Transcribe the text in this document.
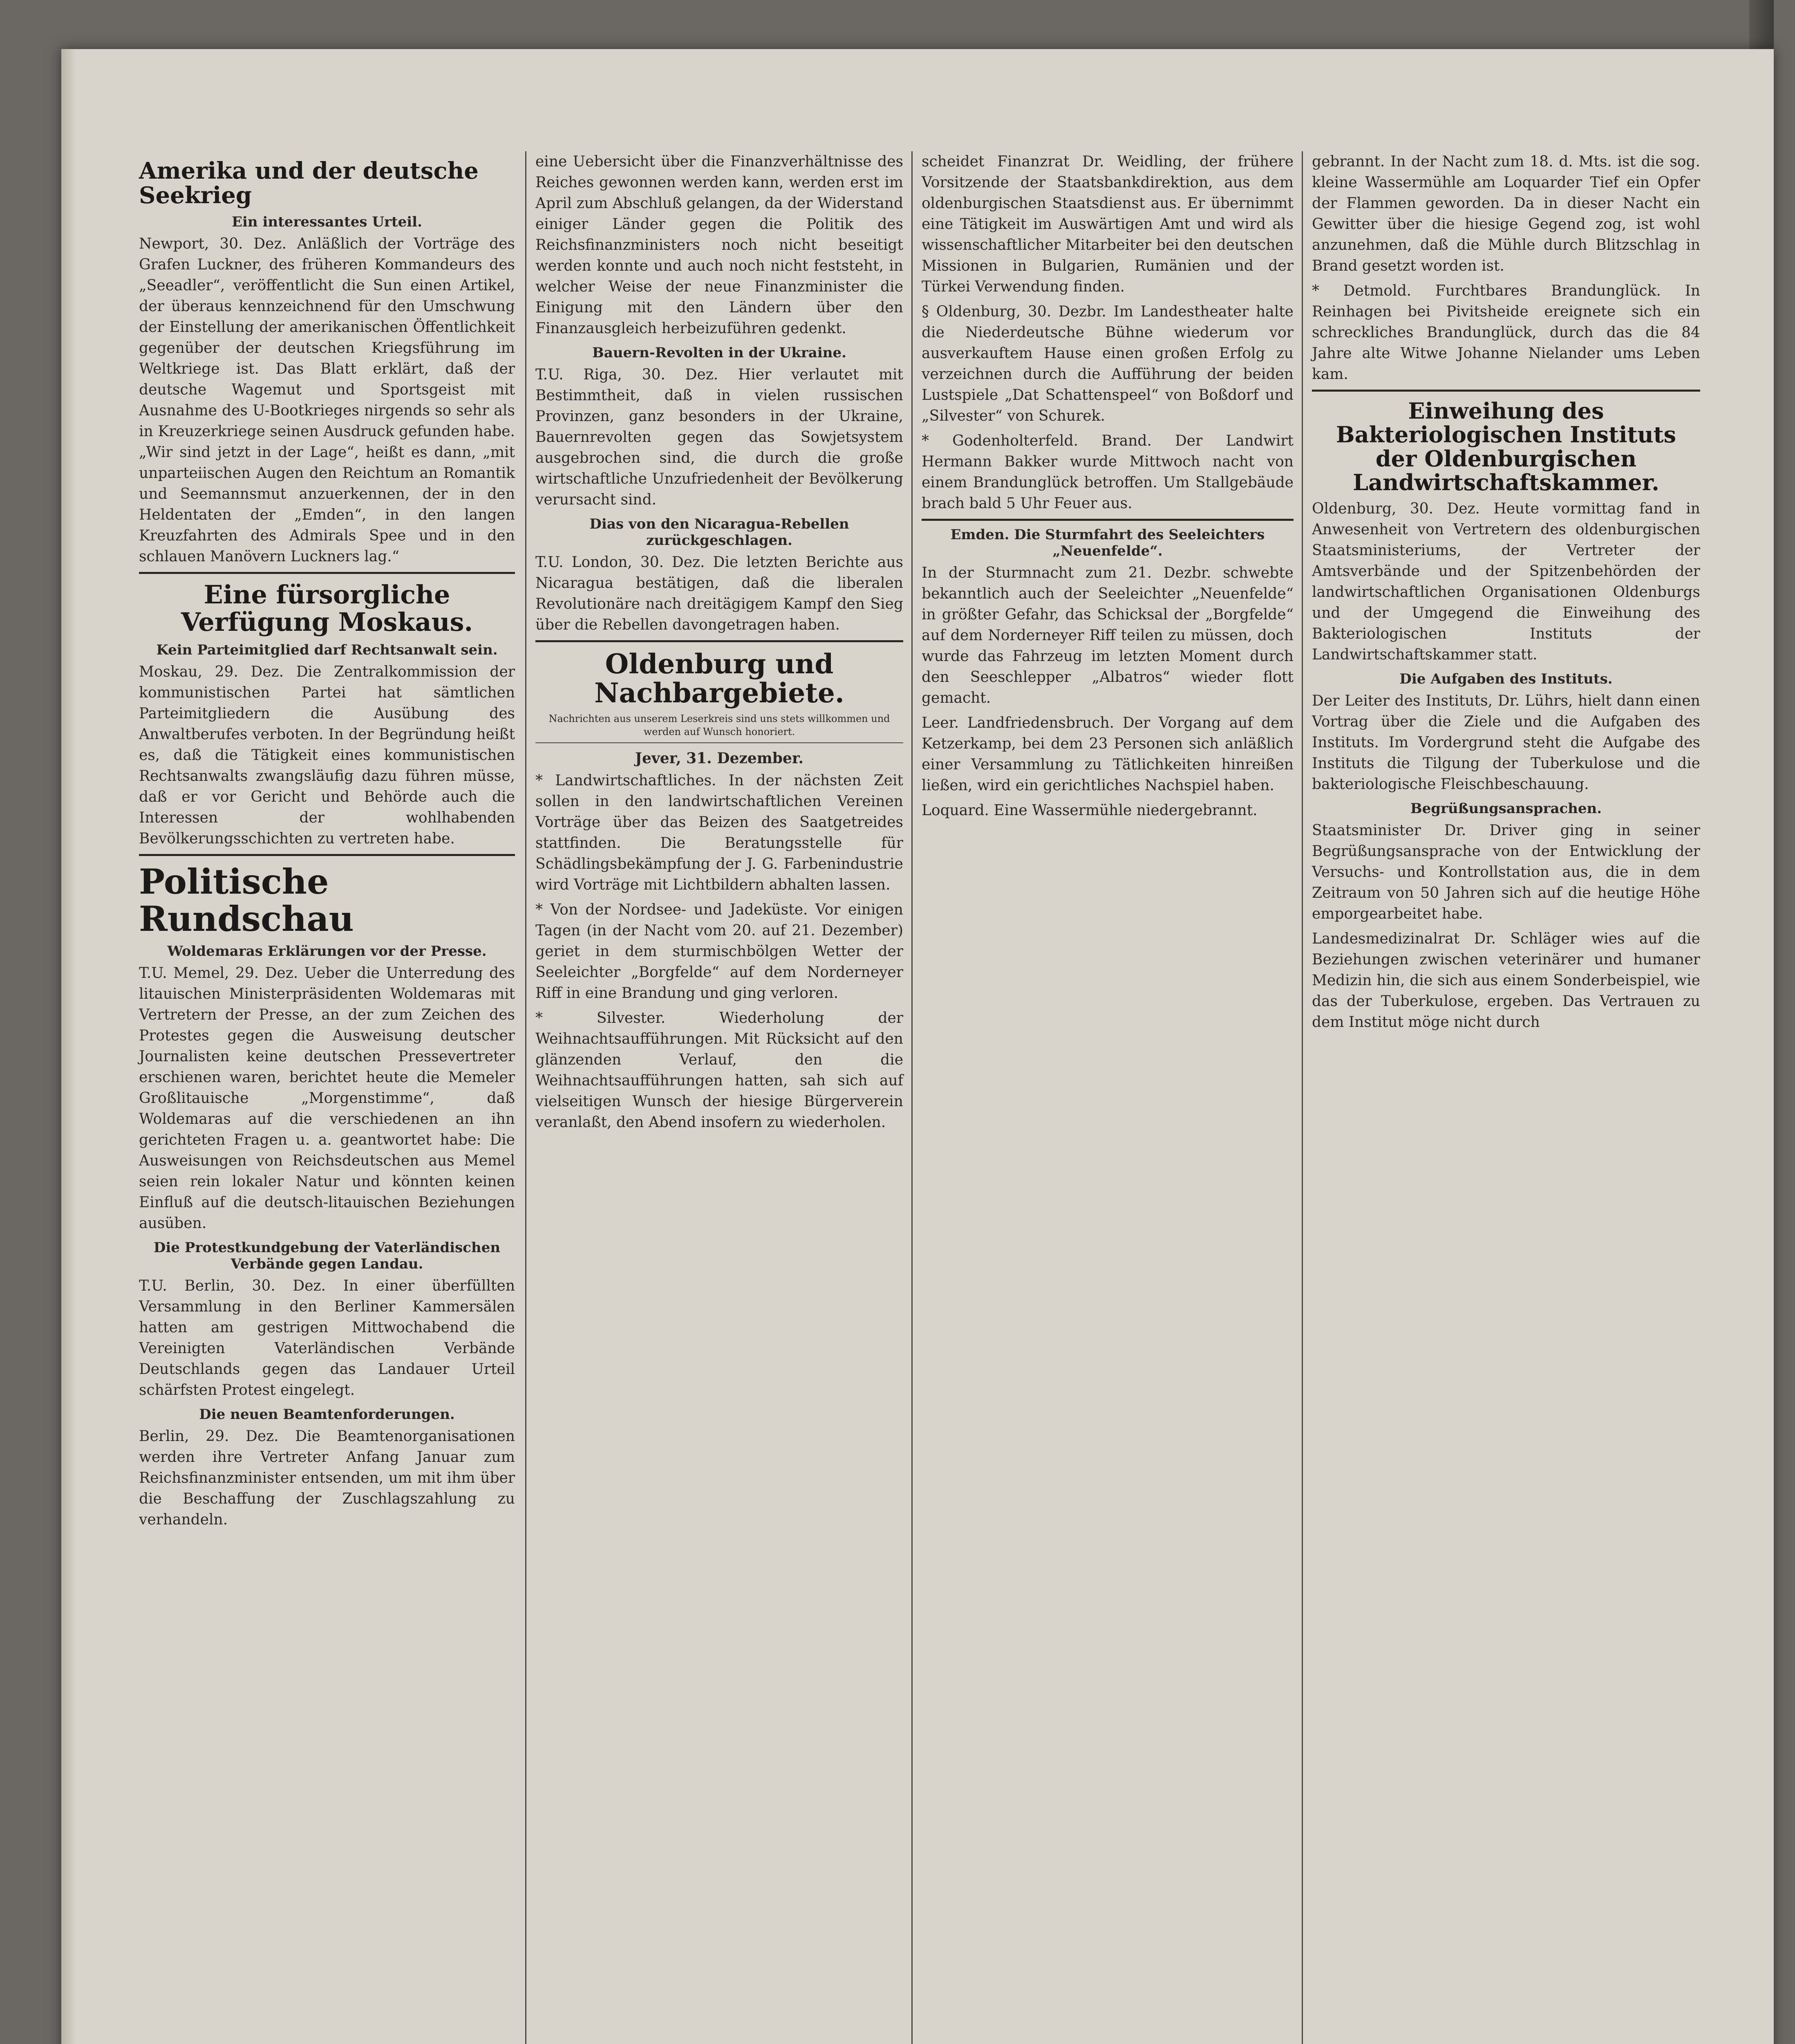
Amerika und der deutsche Seekrieg
Ein interessantes Urteil.

Newport, 30. Dez. Anläßlich der Vorträge des Grafen Luckner, des früheren Kommandeurs des „Seeadler“, veröffentlicht die Sun einen Artikel, der überaus kennzeichnend für den Umschwung der Einstellung der amerikanischen Öffentlichkeit gegenüber der deutschen Kriegsführung im Weltkriege ist. Das Blatt erklärt, daß der deutsche Wagemut und Sportsgeist mit Ausnahme des U-Bootkrieges nirgends so sehr als in Kreuzerkriege seinen Ausdruck gefunden habe. „Wir sind jetzt in der Lage“, heißt es dann, „mit unparteiischen Augen den Reichtum an Romantik und Seemannsmut anzuerkennen, der in den Heldentaten der „Emden“, in den langen Kreuzfahrten des Admirals Spee und in den schlauen Manövern Luckners lag.“

Eine fürsorgliche Verfügung Moskaus.
Kein Parteimitglied darf Rechtsanwalt sein.

Moskau, 29. Dez. Die Zentralkommission der kommunistischen Partei hat sämtlichen Parteimitgliedern die Ausübung des Anwaltberufes verboten. In der Begründung heißt es, daß die Tätigkeit eines kommunistischen Rechtsanwalts zwangsläufig dazu führen müsse, daß er vor Gericht und Behörde auch die Interessen der wohlhabenden Bevölkerungsschichten zu vertreten habe.

Politische Rundschau
Woldemaras Erklärungen vor der Presse.

T.U. Memel, 29. Dez. Ueber die Unterredung des litauischen Ministerpräsidenten Woldemaras mit Vertretern der Presse, an der zum Zeichen des Protestes gegen die Ausweisung deutscher Journalisten keine deutschen Pressevertreter erschienen waren, berichtet heute die Memeler Großlitauische „Morgenstimme“, daß Woldemaras auf die verschiedenen an ihn gerichteten Fragen u. a. geantwortet habe: Die Ausweisungen von Reichsdeutschen aus Memel seien rein lokaler Natur und könnten keinen Einfluß auf die deutsch-litauischen Beziehungen ausüben.

Die Protestkundgebung der Vaterländischen Verbände gegen Landau.

T.U. Berlin, 30. Dez. In einer überfüllten Versammlung in den Berliner Kammersälen hatten am gestrigen Mittwochabend die Vereinigten Vaterländischen Verbände Deutschlands gegen das Landauer Urteil schärfsten Protest eingelegt.

Die neuen Beamtenforderungen.

Berlin, 29. Dez. Die Beamtenorganisationen werden ihre Vertreter Anfang Januar zum Reichsfinanzminister entsenden, um mit ihm über die Beschaffung der Zuschlagszahlung zu verhandeln.

eine Uebersicht über die Finanzverhältnisse des Reiches gewonnen werden kann, werden erst im April zum Abschluß gelangen, da der Widerstand einiger Länder gegen die Politik des Reichsfinanzministers noch nicht beseitigt werden konnte und auch noch nicht feststeht, in welcher Weise der neue Finanzminister die Einigung mit den Ländern über den Finanzausgleich herbeizuführen gedenkt.

Bauern-Revolten in der Ukraine.

T.U. Riga, 30. Dez. Hier verlautet mit Bestimmtheit, daß in vielen russischen Provinzen, ganz besonders in der Ukraine, Bauernrevolten gegen das Sowjetsystem ausgebrochen sind, die durch die große wirtschaftliche Unzufriedenheit der Bevölkerung verursacht sind.

Dias von den Nicaragua-Rebellen zurückgeschlagen.

T.U. London, 30. Dez. Die letzten Berichte aus Nicaragua bestätigen, daß die liberalen Revolutionäre nach dreitägigem Kampf den Sieg über die Rebellen davongetragen haben.

Oldenburg und Nachbargebiete.

Nachrichten aus unserem Leserkreis sind uns stets willkommen und werden auf Wunsch honoriert.

Jever, 31. Dezember.

* Landwirtschaftliches. In der nächsten Zeit sollen in den landwirtschaftlichen Vereinen Vorträge über das Beizen des Saatgetreides stattfinden. Die Beratungsstelle für Schädlingsbekämpfung der J. G. Farbenindustrie wird Vorträge mit Lichtbildern abhalten lassen.

* Von der Nordsee- und Jadeküste. Vor einigen Tagen (in der Nacht vom 20. auf 21. Dezember) geriet in dem sturmischbölgen Wetter der Seeleichter „Borgfelde“ auf dem Norderneyer Riff in eine Brandung und ging verloren.

* Silvester. Wiederholung der Weihnachtsaufführungen. Mit Rücksicht auf den glänzenden Verlauf, den die Weihnachtsaufführungen hatten, sah sich auf vielseitigen Wunsch der hiesige Bürgerverein veranlaßt, den Abend insofern zu wiederholen.

scheidet Finanzrat Dr. Weidling, der frühere Vorsitzende der Staatsbankdirektion, aus dem oldenburgischen Staatsdienst aus. Er übernimmt eine Tätigkeit im Auswärtigen Amt und wird als wissenschaftlicher Mitarbeiter bei den deutschen Missionen in Bulgarien, Rumänien und der Türkei Verwendung finden.

§ Oldenburg, 30. Dezbr. Im Landestheater halte die Niederdeutsche Bühne wiederum vor ausverkauftem Hause einen großen Erfolg zu verzeichnen durch die Aufführung der beiden Lustspiele „Dat Schattenspeel“ von Boßdorf und „Silvester“ von Schurek.

* Godenholterfeld. Brand. Der Landwirt Hermann Bakker wurde Mittwoch nacht von einem Brandunglück betroffen. Um Stallgebäude brach bald 5 Uhr Feuer aus.

Emden. Die Sturmfahrt des Seeleichters „Neuenfelde“.

In der Sturmnacht zum 21. Dezbr. schwebte bekanntlich auch der Seeleichter „Neuenfelde“ in größter Gefahr, das Schicksal der „Borgfelde“ auf dem Norderneyer Riff teilen zu müssen, doch wurde das Fahrzeug im letzten Moment durch den Seeschlepper „Albatros“ wieder flott gemacht.

Leer. Landfriedensbruch. Der Vorgang auf dem Ketzerkamp, bei dem 23 Personen sich anläßlich einer Versammlung zu Tätlichkeiten hinreißen ließen, wird ein gerichtliches Nachspiel haben.

Loquard. Eine Wassermühle niedergebrannt.

gebrannt. In der Nacht zum 18. d. Mts. ist die sog. kleine Wassermühle am Loquarder Tief ein Opfer der Flammen geworden. Da in dieser Nacht ein Gewitter über die hiesige Gegend zog, ist wohl anzunehmen, daß die Mühle durch Blitzschlag in Brand gesetzt worden ist.

* Detmold. Furchtbares Brandunglück. In Reinhagen bei Pivitsheide ereignete sich ein schreckliches Brandunglück, durch das die 84 Jahre alte Witwe Johanne Nielander ums Leben kam.

Einweihung des Bakteriologischen Instituts der Oldenburgischen Landwirtschaftskammer.

Oldenburg, 30. Dez. Heute vormittag fand in Anwesenheit von Vertretern des oldenburgischen Staatsministeriums, der Vertreter der Amtsverbände und der Spitzenbehörden der landwirtschaftlichen Organisationen Oldenburgs und der Umgegend die Einweihung des Bakteriologischen Instituts der Landwirtschaftskammer statt.

Die Aufgaben des Instituts.

Der Leiter des Instituts, Dr. Lührs, hielt dann einen Vortrag über die Ziele und die Aufgaben des Instituts. Im Vordergrund steht die Aufgabe des Instituts die Tilgung der Tuberkulose und die bakteriologische Fleischbeschauung.

Begrüßungsansprachen.

Staatsminister Dr. Driver ging in seiner Begrüßungsansprache von der Entwicklung der Versuchs- und Kontrollstation aus, die in dem Zeitraum von 50 Jahren sich auf die heutige Höhe emporgearbeitet habe.

Landesmedizinalrat Dr. Schläger wies auf die Beziehungen zwischen veterinärer und humaner Medizin hin, die sich aus einem Sonderbeispiel, wie das der Tuberkulose, ergeben. Das Vertrauen zu dem Institut möge nicht durch
